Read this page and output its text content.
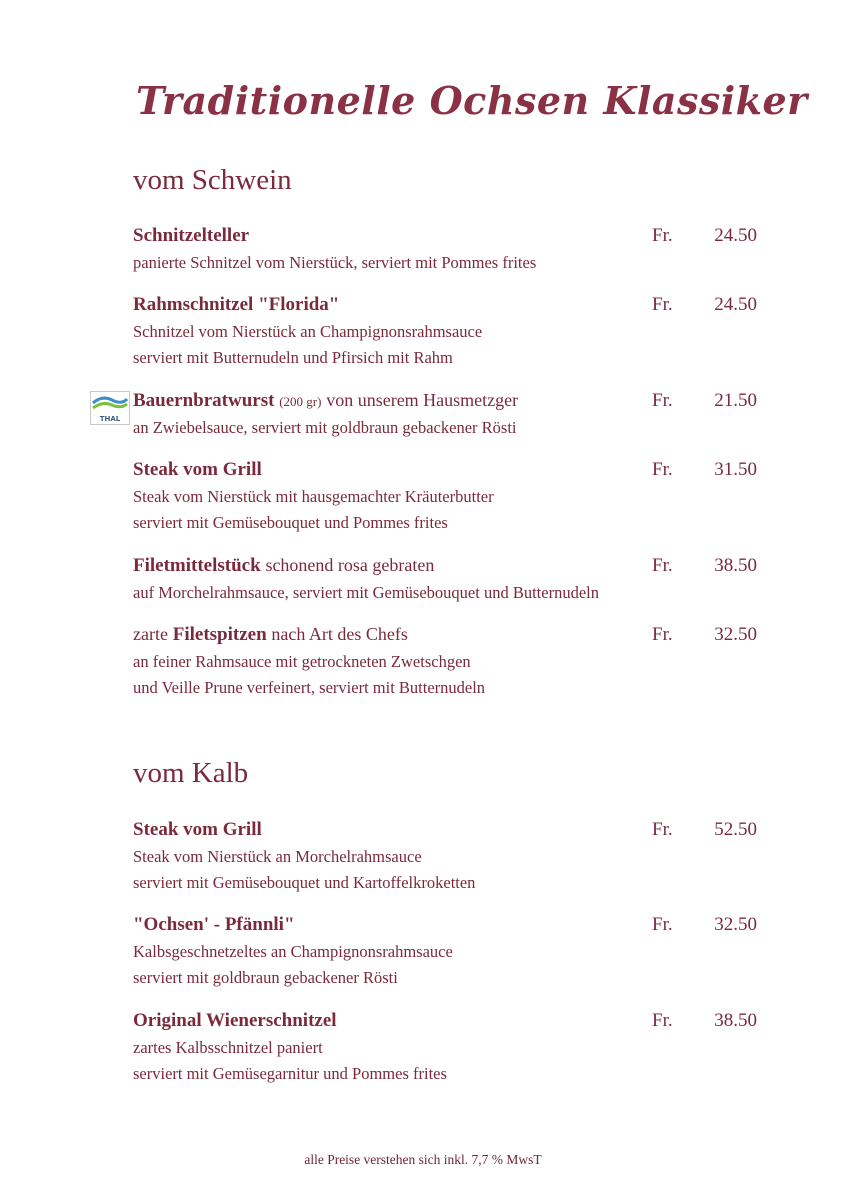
Traditionelle Ochsen Klassiker
THAL
vom Schwein
Schnitzelteller	Fr. 24.50
panierte Schnitzel vom Nierstück, serviert mit Pommes frites
Rahmschnitzel "Florida"	Fr. 24.50
Schnitzel vom Nierstück an Champignonsrahmsauce
serviert mit Butternudeln und Pfirsich mit Rahm
Bauernbratwurst (200 gr) von unserem Hausmetzger	Fr. 21.50
an Zwiebelsauce, serviert mit goldbraun gebackener Rösti
Steak vom Grill	Fr. 31.50
Steak vom Nierstück mit hausgemachter Kräuterbutter
serviert mit Gemüsebouquet und Pommes frites
Filetmittelstück schonend rosa gebraten	Fr. 38.50
auf Morchelrahmsauce, serviert mit Gemüsebouquet und Butternudeln
zarte Filetspitzen nach Art des Chefs	Fr. 32.50
an feiner Rahmsauce mit getrockneten Zwetschgen
und Veille Prune verfeinert, serviert mit Butternudeln
vom Kalb
Steak vom Grill	Fr. 52.50
Steak vom Nierstück an Morchelrahmsauce
serviert mit Gemüsebouquet und Kartoffelkroketten
"Ochsen' - Pfännli"	Fr. 32.50
Kalbsgeschnetzeltes an Champignonsrahmsauce
serviert mit goldbraun gebackener Rösti
Original Wienerschnitzel	Fr. 38.50
zartes Kalbsschnitzel paniert
serviert mit Gemüsegarnitur und Pommes frites
alle Preise verstehen sich inkl. 7,7 % MwsT
